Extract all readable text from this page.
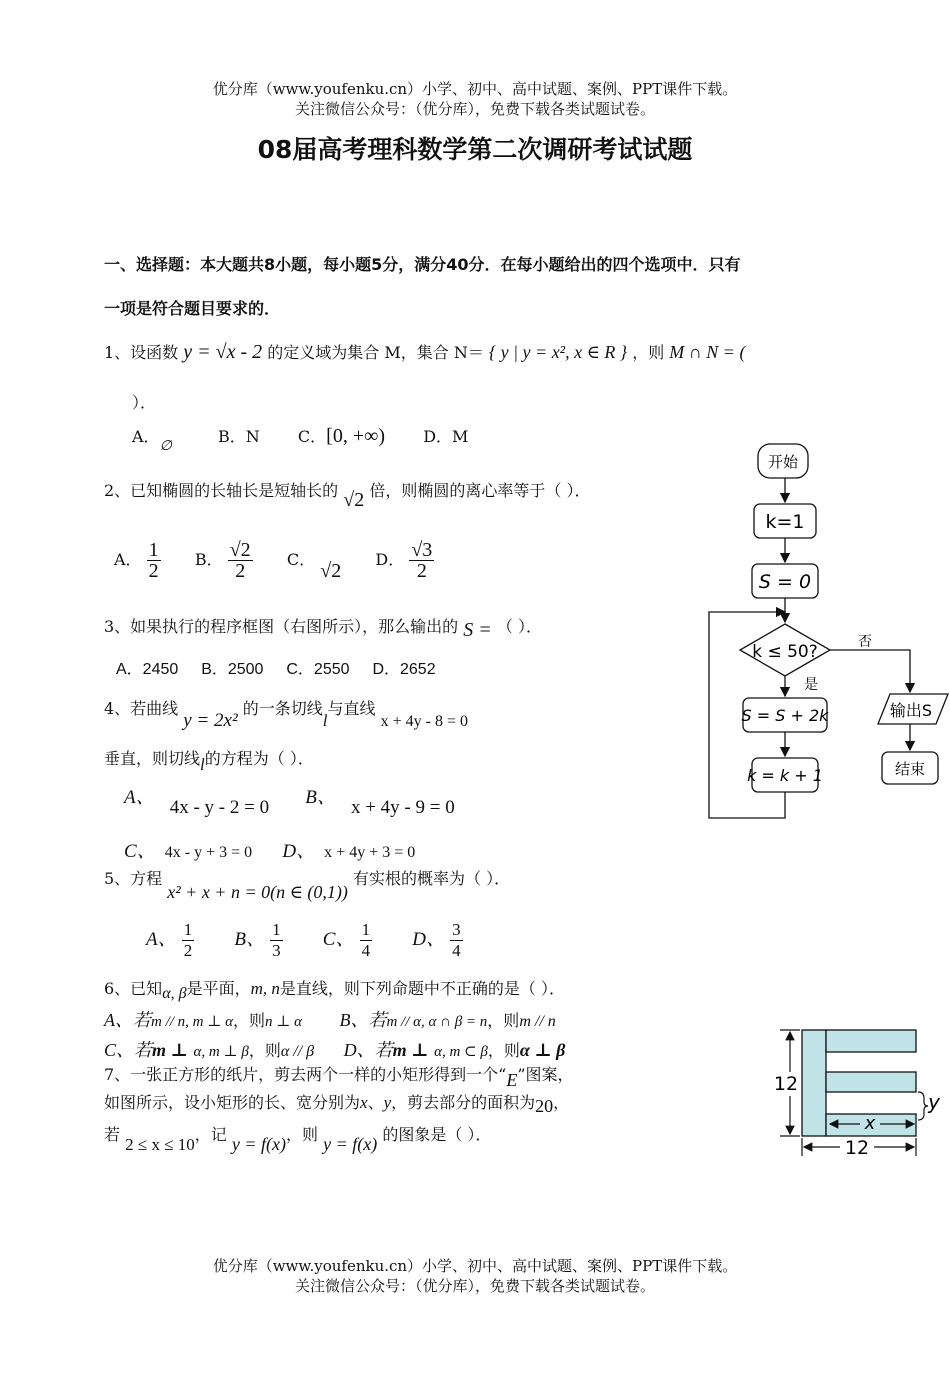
优分库（www.youfenku.cn）小学、初中、高中试题、案例、PPT课件下载。
关注微信公众号：（优分库），免费下载各类试题试卷。
08届高考理科数学第二次调研考试试题
一、选择题：本大题共8小题，每小题5分，满分40分．在每小题给出的四个选项中．只有
一项是符合题目要求的．
1、设函数 y = √x - 2 的定义域为集合 M，集合 N＝ { y | y = x², x ∈ R } ，则 M ∩ N = (
）．
A．∅  B．N C．[0, +∞) D．M
2、已知椭圆的长轴长是短轴长的 √2 倍，则椭圆的离心率等于（ ）．
A． $\frac{1}{2}$ B． $\frac{√2}{2}$ C． √2  D． $\frac{√3}{2}$
3、如果执行的程序框图（右图所示），那么输出的 S = （ ）．
A．2450 B．2500 C．2550 D．2652
4、若曲线 y = 2x² 的一条切线l与直线 x + 4y - 8 = 0
垂直，则切线l的方程为（ ）．
A、 4x - y - 2 = 0 B、 x + 4y - 9 = 0
C、 4x - y + 3 = 0 D、 x + 4y + 3 = 0
5、方程 x² + x + n = 0(n ∈ (0,1)) 有实根的概率为（ ）．
A、 $\frac{1}{2}$ B、 $\frac{1}{3}$ C、 $\frac{1}{4}$ D、 $\frac{3}{4}$
6、已知α, β是平面，m, n是直线，则下列命题中不正确的是（ ）．
A、若m // n, m ⊥ α，则n ⊥ α B、若m // α, α ∩ β = n，则m // n
C、若m ⊥ α, m ⊥ β，则α // β D、若m ⊥ α, m ⊂ β，则α ⊥ β
7、一张正方形的纸片，剪去两个一样的小矩形得到一个“E”图案，
如图所示，设小矩形的长、宽分别为x、y，剪去部分的面积为20，
若 2 ≤ x ≤ 10，记 y = f(x)，则 y = f(x) 的图象是（ ）．
开始
k=1
S = 0
k ≤ 50?
是
否
S = S + 2k
k = k + 1
输出S
结束
12
x
12
y
优分库（www.youfenku.cn）小学、初中、高中试题、案例、PPT课件下载。
关注微信公众号：（优分库），免费下载各类试题试卷。
